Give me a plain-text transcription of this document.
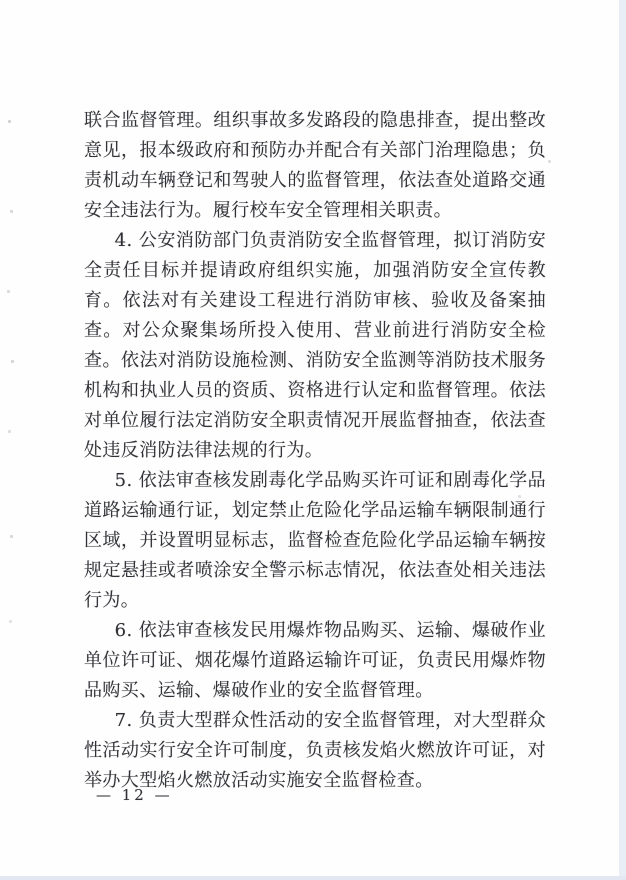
联合监督管理。组织事故多发路段的隐患排查，提出整改意见，报本级政府和预防办并配合有关部门治理隐患；负责机动车辆登记和驾驶人的监督管理，依法查处道路交通安全违法行为。履行校车安全管理相关职责。

4. 公安消防部门负责消防安全监督管理，拟订消防安全责任目标并提请政府组织实施，加强消防安全宣传教育。依法对有关建设工程进行消防审核、验收及备案抽查。对公众聚集场所投入使用、营业前进行消防安全检查。依法对消防设施检测、消防安全监测等消防技术服务机构和执业人员的资质、资格进行认定和监督管理。依法对单位履行法定消防安全职责情况开展监督抽查，依法查处违反消防法律法规的行为。

5. 依法审查核发剧毒化学品购买许可证和剧毒化学品道路运输通行证，划定禁止危险化学品运输车辆限制通行区域，并设置明显标志，监督检查危险化学品运输车辆按规定悬挂或者喷涂安全警示标志情况，依法查处相关违法行为。

6. 依法审查核发民用爆炸物品购买、运输、爆破作业单位许可证、烟花爆竹道路运输许可证，负责民用爆炸物品购买、运输、爆破作业的安全监督管理。

7. 负责大型群众性活动的安全监督管理，对大型群众性活动实行安全许可制度，负责核发焰火燃放许可证，对举办大型焰火燃放活动实施安全监督检查。

— 12 —
